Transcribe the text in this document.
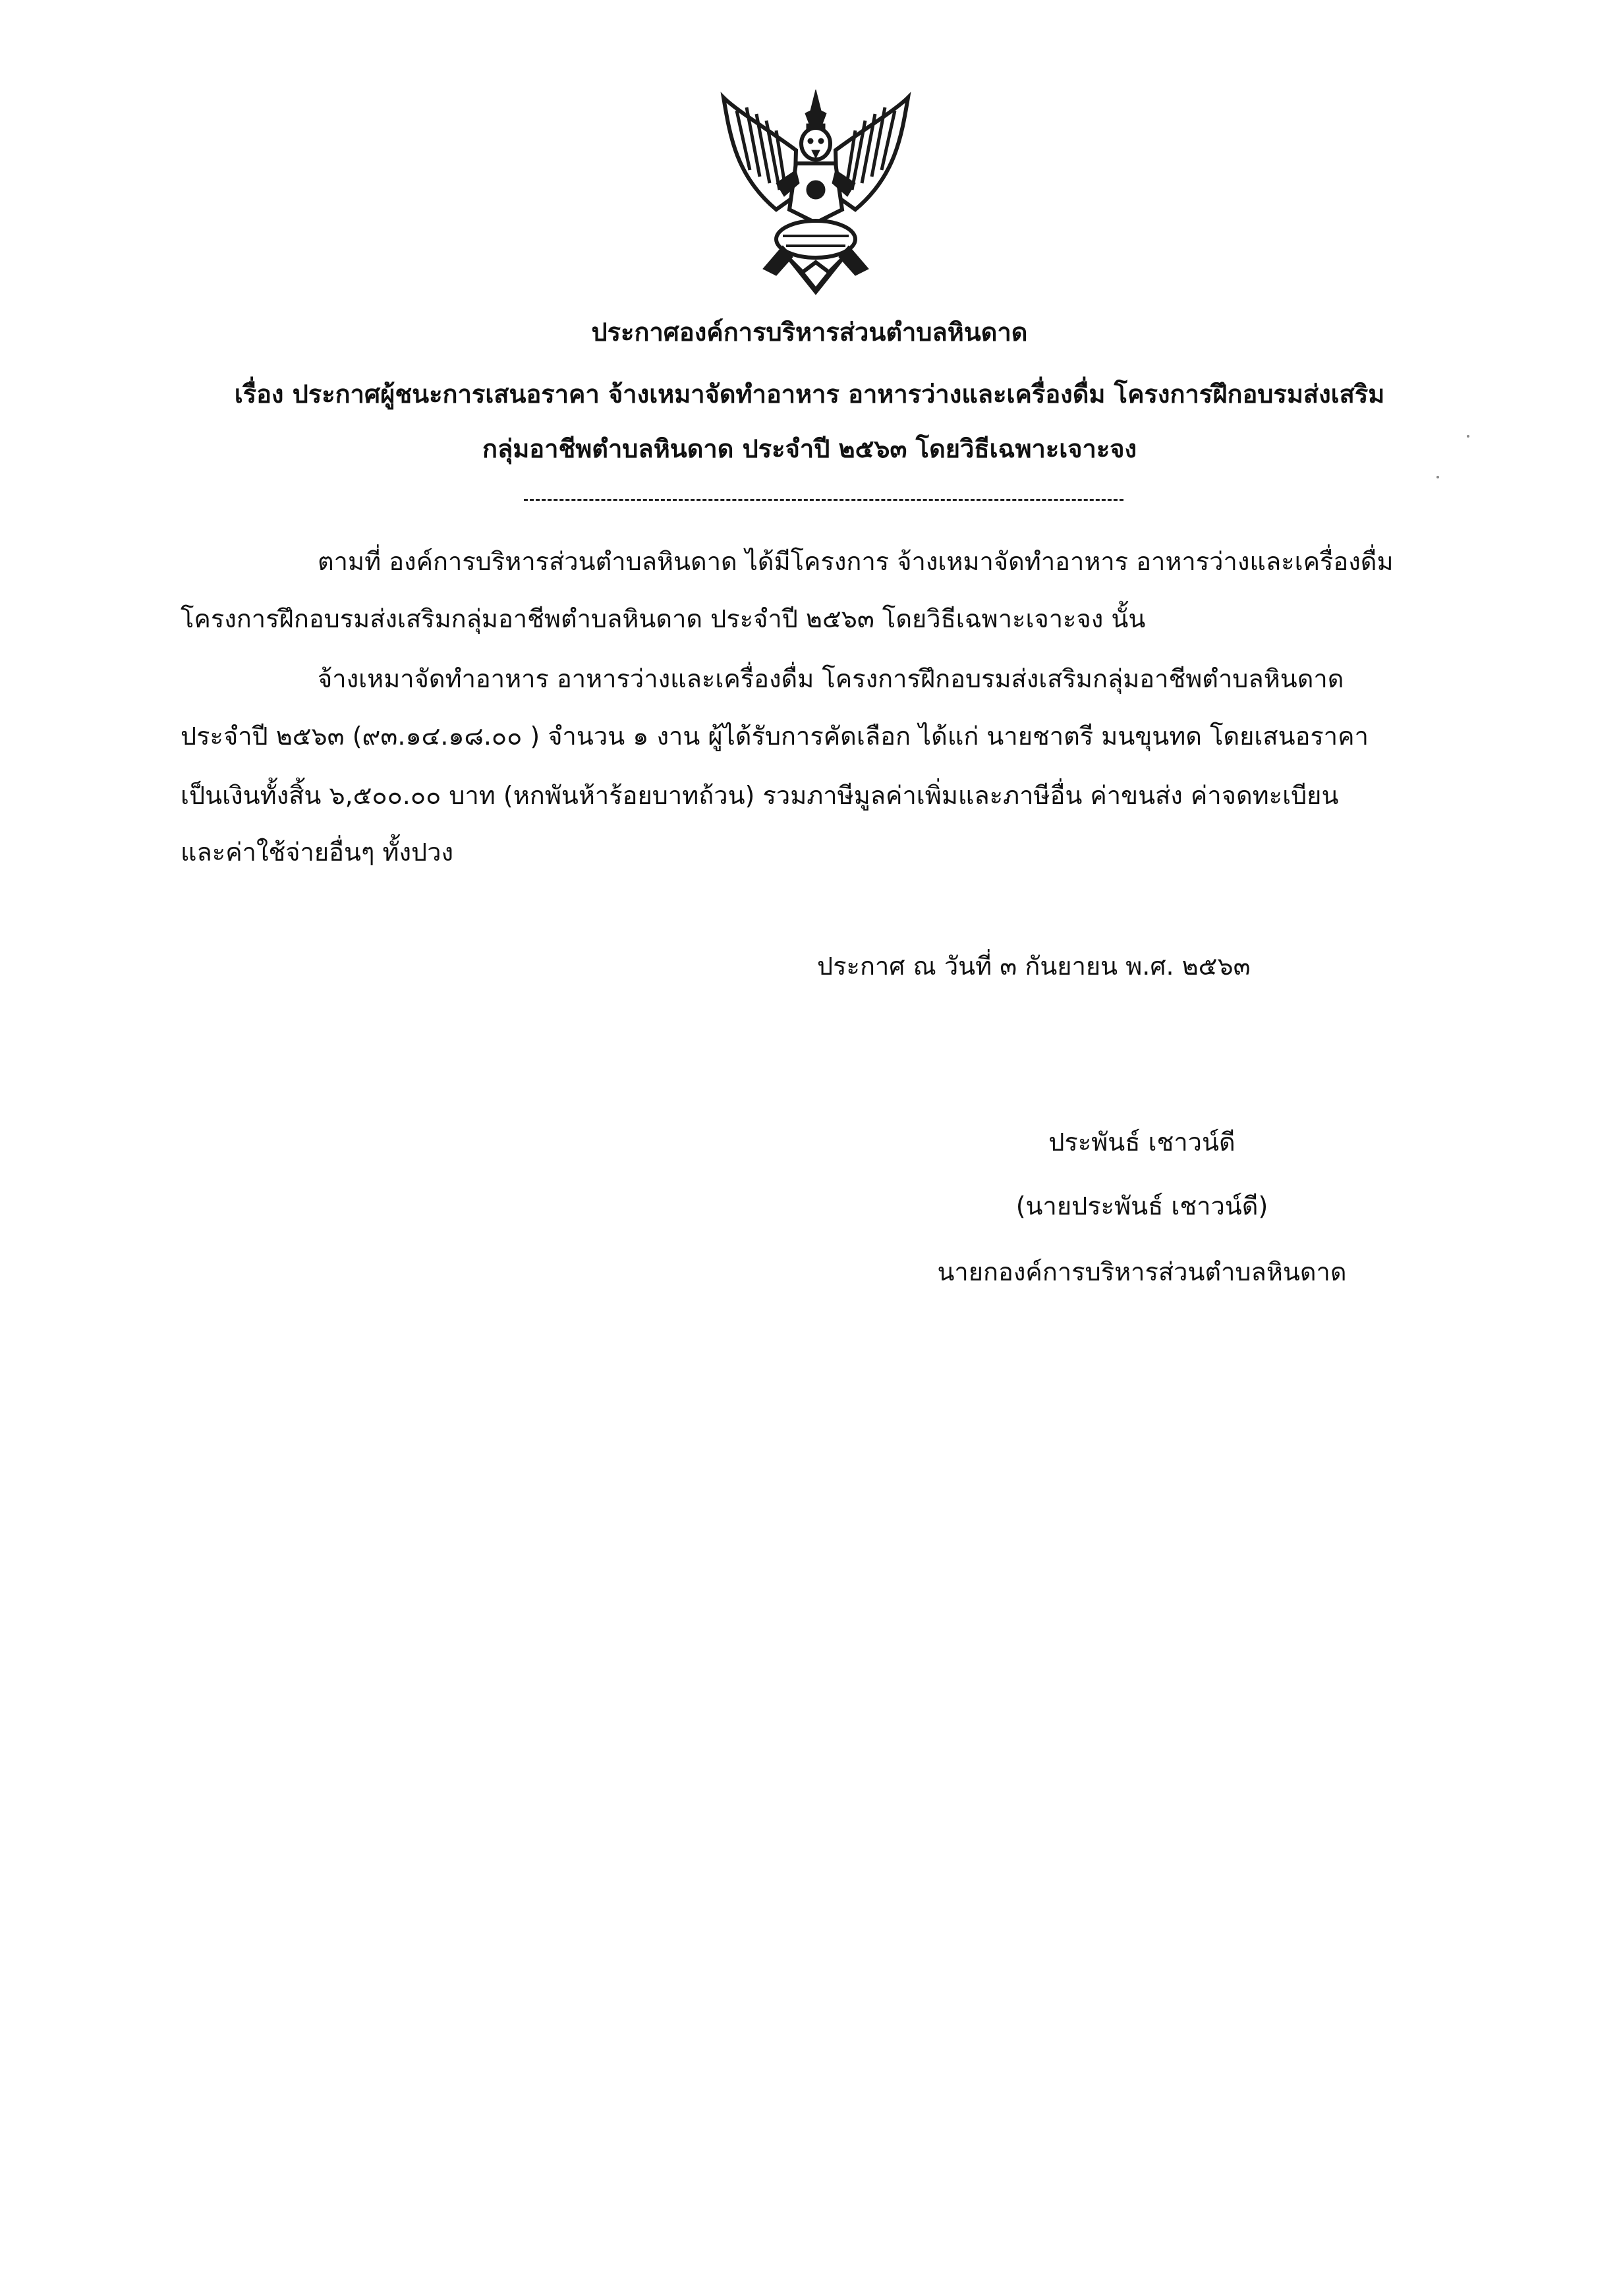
ประกาศองค์การบริหารส่วนตำบลหินดาด
เรื่อง ประกาศผู้ชนะการเสนอราคา จ้างเหมาจัดทำอาหาร อาหารว่างและเครื่องดื่ม โครงการฝึกอบรมส่งเสริม
กลุ่มอาชีพตำบลหินดาด ประจำปี ๒๕๖๓ โดยวิธีเฉพาะเจาะจง
ตามที่ องค์การบริหารส่วนตำบลหินดาด ได้มีโครงการ จ้างเหมาจัดทำอาหาร อาหารว่างและเครื่องดื่ม
โครงการฝึกอบรมส่งเสริมกลุ่มอาชีพตำบลหินดาด ประจำปี ๒๕๖๓ โดยวิธีเฉพาะเจาะจง นั้น
จ้างเหมาจัดทำอาหาร อาหารว่างและเครื่องดื่ม โครงการฝึกอบรมส่งเสริมกลุ่มอาชีพตำบลหินดาด
ประจำปี ๒๕๖๓ (๙๓.๑๔.๑๘.๐๐ ) จำนวน ๑ งาน ผู้ได้รับการคัดเลือก ได้แก่ นายชาตรี มนขุนทด โดยเสนอราคา
เป็นเงินทั้งสิ้น ๖,๕๐๐.๐๐ บาท (หกพันห้าร้อยบาทถ้วน) รวมภาษีมูลค่าเพิ่มและภาษีอื่น ค่าขนส่ง ค่าจดทะเบียน
และค่าใช้จ่ายอื่นๆ ทั้งปวง
ประกาศ ณ วันที่ ๓ กันยายน พ.ศ. ๒๕๖๓
ประพันธ์ เชาวน์ดี
(นายประพันธ์ เชาวน์ดี)
นายกองค์การบริหารส่วนตำบลหินดาด
